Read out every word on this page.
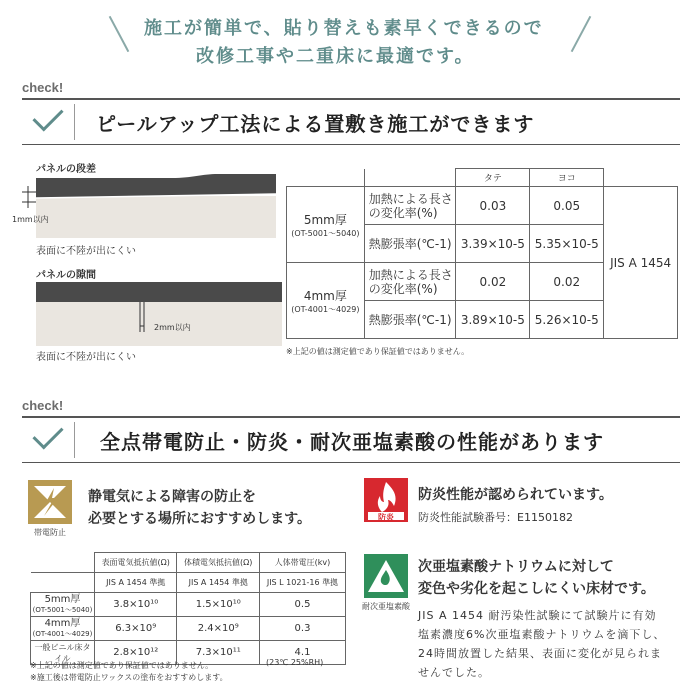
施工が簡単で、貼り替えも素早くできるので
改修工事や二重床に最適です。
check!
ピールアップ工法による置敷き施工ができます
パネルの段差
1mm以内
表面に不陸が出にくい
パネルの隙間
2mm以内
表面に不陸が出にくい
		タテ	ヨコ	
5mm厚
(OT-5001～5040)	加熱による長さの変化率(%)	0.03	0.05	JIS A 1454
	熱膨張率(℃-1)	3.39×10-5	5.35×10-5	
4mm厚
(OT-4001～4029)	加熱による長さの変化率(%)	0.02	0.02	
	熱膨張率(℃-1)	3.89×10-5	5.26×10-5	
※上記の値は測定値であり保証値ではありません。
check!
全点帯電防止・防炎・耐次亜塩素酸の性能があります
帯電防止
静電気による障害の防止を
必要とする場所におすすめします。
	表面電気抵抗値(Ω)	体積電気抵抗値(Ω)	人体帯電圧(kv)
	JIS A 1454 準拠	JIS A 1454 準拠	JIS L 1021-16 準拠
5mm厚
(OT-5001～5040)	3.8×10¹⁰	1.5×10¹⁰	0.5
4mm厚
(OT-4001～4029)	6.3×10⁹	2.4×10⁹	0.3
一般ビニル床タイル	2.8×10¹²	7.3×10¹¹	4.1
(23℃ 25%RH)
※上記の値は測定値であり保証値ではありません。
※施工後は帯電防止ワックスの塗布をおすすめします。
防炎
防炎性能が認められています。
防炎性能試験番号：E1150182
耐次亜塩素酸
次亜塩素酸ナトリウムに対して
変色や劣化を起こしにくい床材です。
JIS A 1454 耐汚染性試験にて試験片に有効
塩素濃度6%次亜塩素酸ナトリウムを滴下し、
24時間放置した結果、表面に変化が見られま
せんでした。
